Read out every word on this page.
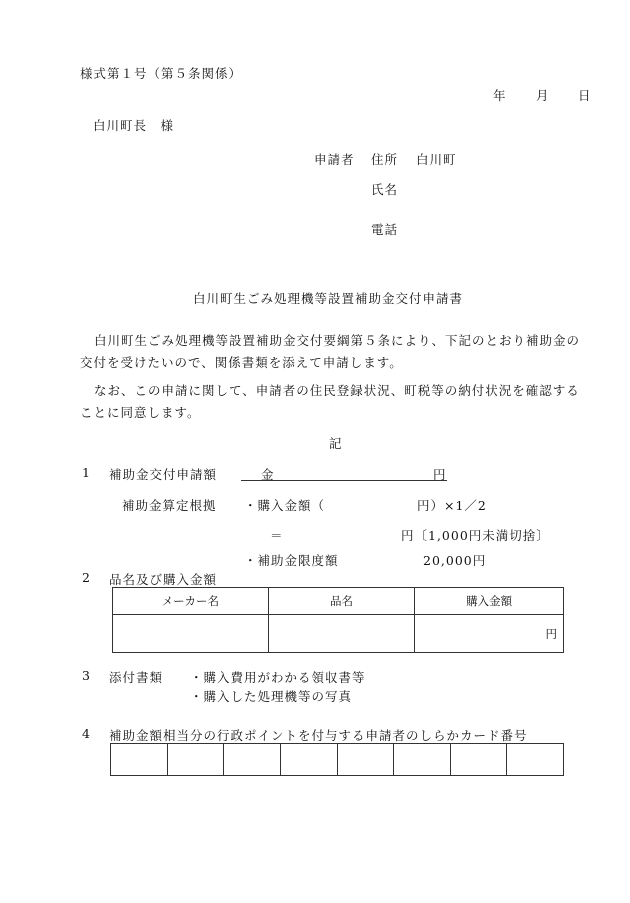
様式第１号（第５条関係）
年 月 日
白川町長　様
申請者 住所 白川町
氏名
電話
白川町生ごみ処理機等設置補助金交付申請書
白川町生ごみ処理機等設置補助金交付要綱第５条により、下記のとおり補助金の交付を受けたいので、関係書類を添えて申請します。
なお、この申請に関して、申請者の住民登録状況、町税等の納付状況を確認することに同意します。
記
1 補助金交付申請額	金	円
補助金算定根拠 ・購入金額（	円）×1／2
＝	円〔1,000円未満切捨〕
・補助金限度額	20,000円
2 品名及び購入金額
メーカー名	品名	購入金額
		円
3 添付書類 ・購入費用がわかる領収書等
・購入した処理機等の写真
4 補助金額相当分の行政ポイントを付与する申請者のしらかカード番号
